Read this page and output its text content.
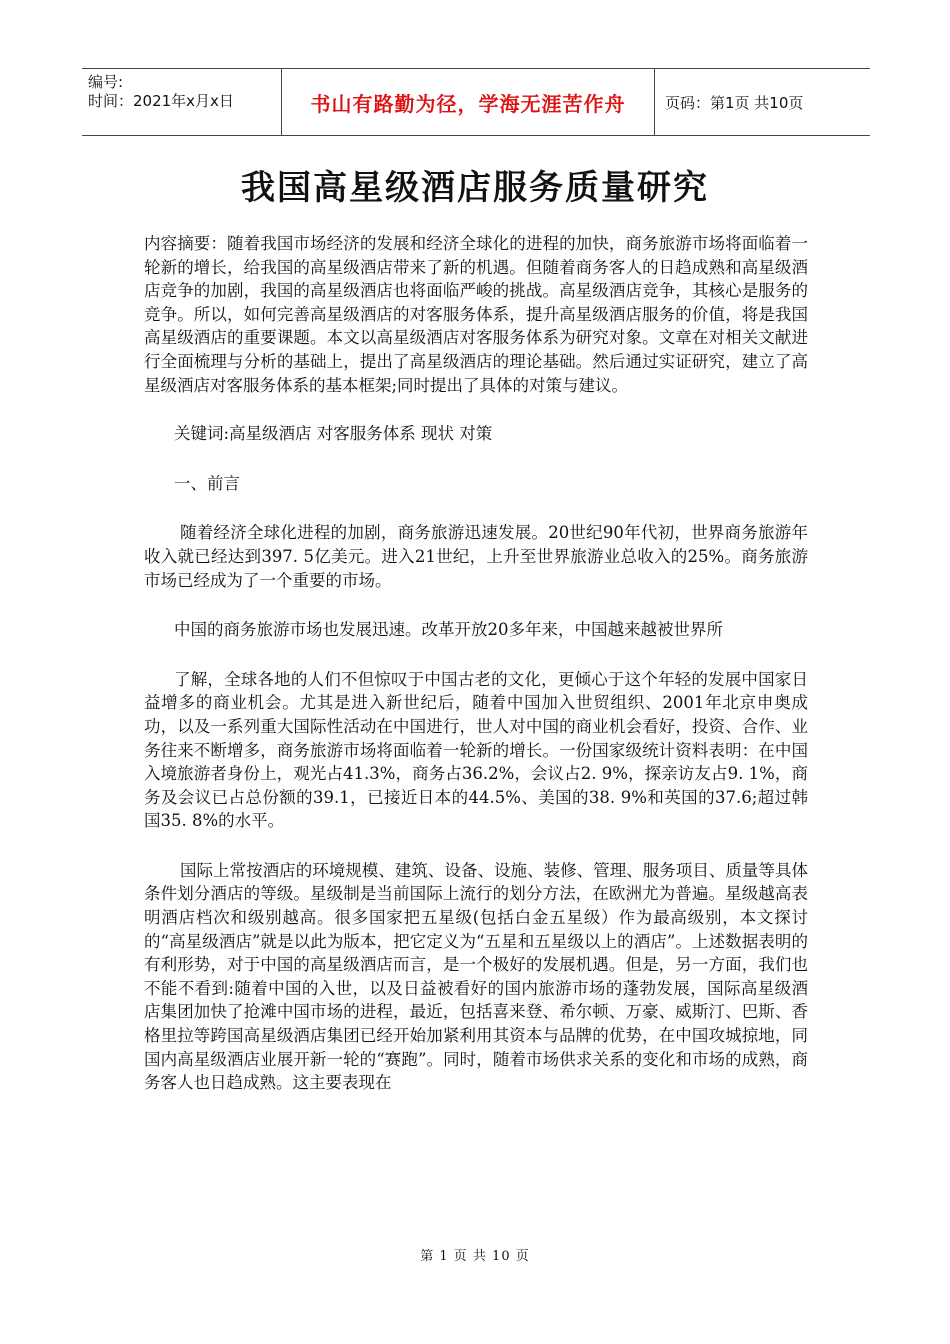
编号:
时间：2021年x月x日	书山有路勤为径，学海无涯苦作舟	页码：第1页 共10页
我国高星级酒店服务质量研究

内容摘要：随着我国市场经济的发展和经济全球化的进程的加快，商务旅游市场将面临着一轮新的增长，给我国的高星级酒店带来了新的机遇。但随着商务客人的日趋成熟和高星级酒店竞争的加剧，我国的高星级酒店也将面临严峻的挑战。高星级酒店竞争，其核心是服务的竞争。所以，如何完善高星级酒店的对客服务体系，提升高星级酒店服务的价值，将是我国高星级酒店的重要课题。本文以高星级酒店对客服务体系为研究对象。文章在对相关文献进行全面梳理与分析的基础上，提出了高星级酒店的理论基础。然后通过实证研究，建立了高星级酒店对客服务体系的基本框架;同时提出了具体的对策与建议。

关键词:高星级酒店 对客服务体系 现状 对策

一、前言

随着经济全球化进程的加剧，商务旅游迅速发展。20世纪90年代初，世界商务旅游年收入就已经达到397. 5亿美元。进入21世纪，上升至世界旅游业总收入的25%。商务旅游市场已经成为了一个重要的市场。

中国的商务旅游市场也发展迅速。改革开放20多年来，中国越来越被世界所

了解，全球各地的人们不但惊叹于中国古老的文化，更倾心于这个年轻的发展中国家日益增多的商业机会。尤其是进入新世纪后，随着中国加入世贸组织、2001年北京申奥成功，以及一系列重大国际性活动在中国进行，世人对中国的商业机会看好，投资、合作、业务往来不断增多，商务旅游市场将面临着一轮新的增长。一份国家级统计资料表明：在中国入境旅游者身份上，观光占41.3%，商务占36.2%，会议占2. 9%，探亲访友占9. 1%，商务及会议已占总份额的39.1，已接近日本的44.5%、美国的38. 9%和英国的37.6;超过韩国35. 8%的水平。

国际上常按酒店的环境规模、建筑、设备、设施、装修、管理、服务项目、质量等具体条件划分酒店的等级。星级制是当前国际上流行的划分方法，在欧洲尤为普遍。星级越高表明酒店档次和级别越高。很多国家把五星级(包括白金五星级）作为最高级别，本文探讨的“高星级酒店”就是以此为版本，把它定义为“五星和五星级以上的酒店”。上述数据表明的有利形势，对于中国的高星级酒店而言，是一个极好的发展机遇。但是，另一方面，我们也不能不看到:随着中国的入世，以及日益被看好的国内旅游市场的蓬勃发展，国际高星级酒店集团加快了抢滩中国市场的进程，最近，包括喜来登、希尔顿、万豪、威斯汀、巴斯、香格里拉等跨国高星级酒店集团已经开始加紧利用其资本与品牌的优势，在中国攻城掠地，同国内高星级酒店业展开新一轮的“赛跑”。同时，随着市场供求关系的变化和市场的成熟，商务客人也日趋成熟。这主要表现在

第 1 页 共 10 页
